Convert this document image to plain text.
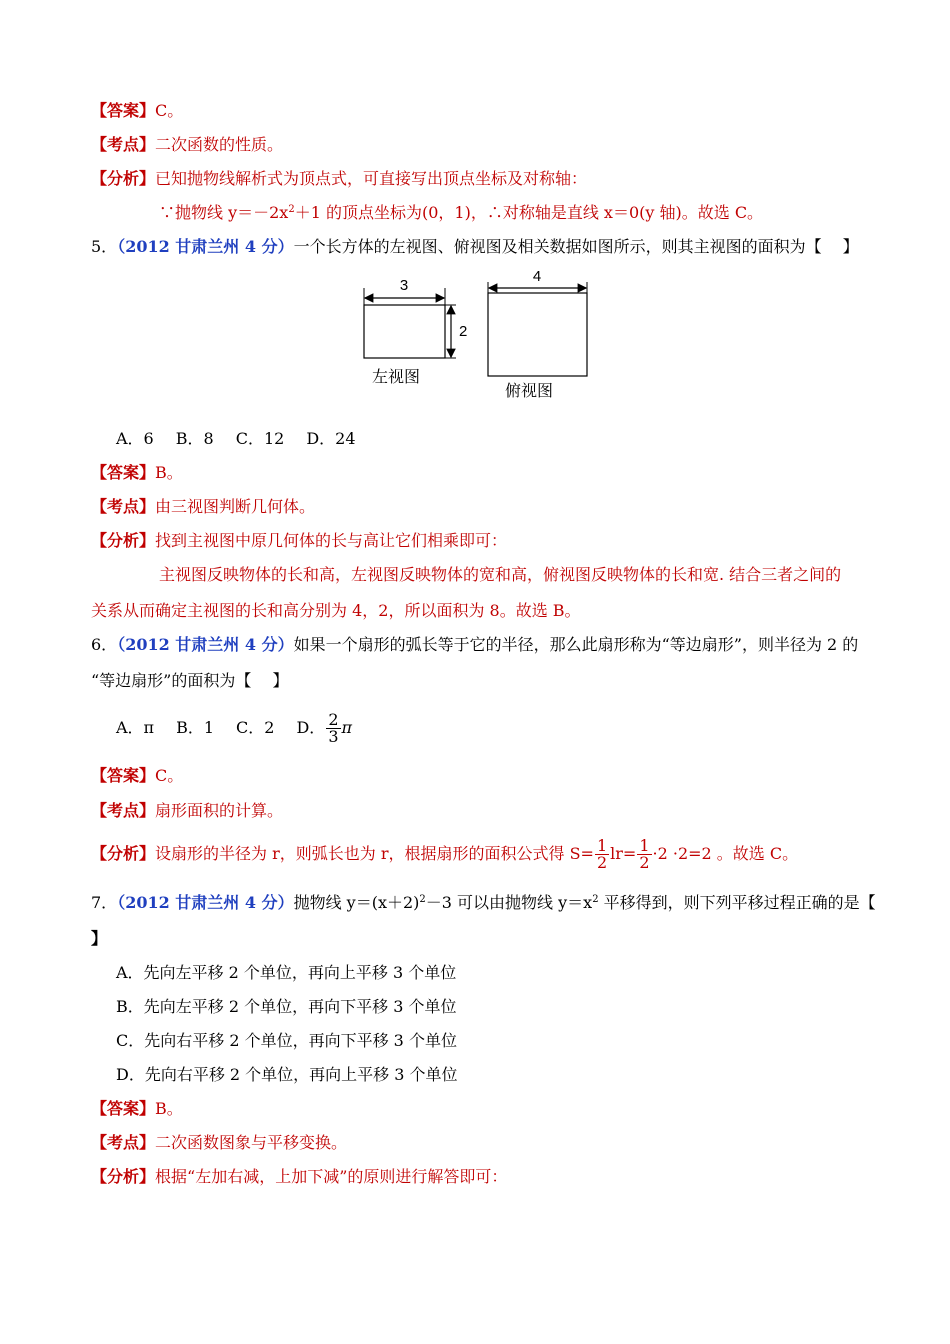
【答案】C。
【考点】二次函数的性质。
【分析】已知抛物线解析式为顶点式，可直接写出顶点坐标及对称轴：
∵抛物线 $y=-2x^2+1$ 的顶点坐标为(0，1)，∴对称轴是直线 x＝0(y 轴)。故选 C。
5．（2012 甘肃兰州 4 分）一个长方体的左视图、俯视图及相关数据如图所示，则其主视图的面积为【　 】
3
2
左视图
4
俯视图
A．6 B．8 C．12 D．24
【答案】B。
【考点】由三视图判断几何体。
【分析】找到主视图中原几何体的长与高让它们相乘即可：
主视图反映物体的长和高，左视图反映物体的宽和高，俯视图反映物体的长和宽. 结合三者之间的
关系从而确定主视图的长和高分别为 4，2，所以面积为 8。故选 B。
6．（2012 甘肃兰州 4 分）如果一个扇形的弧长等于它的半径，那么此扇形称为“等边扇形”，则半径为 2 的
“等边扇形”的面积为【　 】
A．π B．1 C．2 D． $\frac{2}{3}$ π
【答案】C。
【考点】扇形面积的计算。
【分析】设扇形的半径为 r，则弧长也为 r，根据扇形的面积公式得 $S= \frac{1}{2} lr= \frac{1}{2} \cdot 2 \cdot 2=2$ 。故选 C。
7．（2012 甘肃兰州 4 分）抛物线 $y=(x+2)^2-3$ 可以由抛物线 $y=x^2$ 平移得到，则下列平移过程正确的是【
】
A．先向左平移 2 个单位，再向上平移 3 个单位
B．先向左平移 2 个单位，再向下平移 3 个单位
C．先向右平移 2 个单位，再向下平移 3 个单位
D．先向右平移 2 个单位，再向上平移 3 个单位
【答案】B。
【考点】二次函数图象与平移变换。
【分析】根据“左加右减，上加下减”的原则进行解答即可：
